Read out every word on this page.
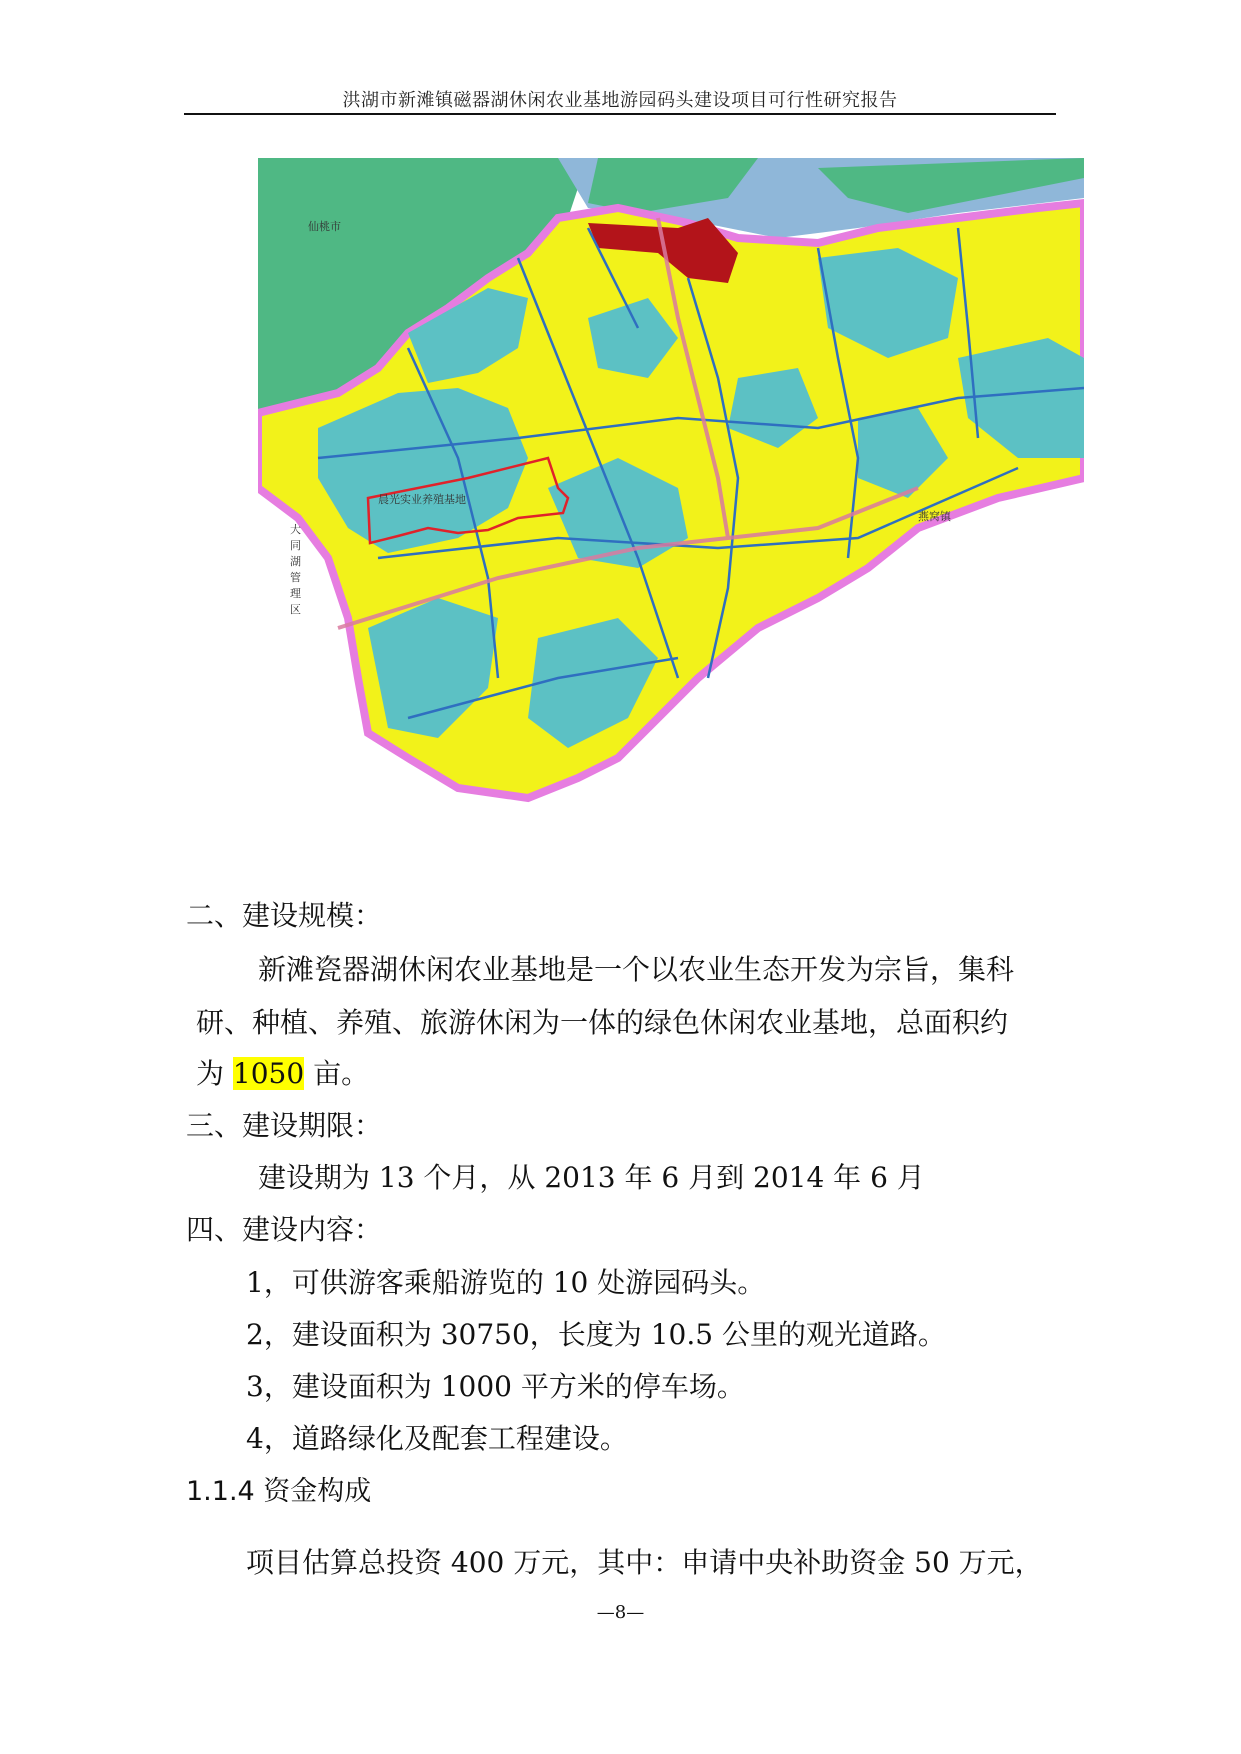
洪湖市新滩镇磁器湖休闲农业基地游园码头建设项目可行性研究报告
仙桃市
晨光实业养殖基地
燕窝镇
大同湖管理区
二、建设规模：
新滩瓷器湖休闲农业基地是一个以农业生态开发为宗旨，集科
研、种植、养殖、旅游休闲为一体的绿色休闲农业基地，总面积约
为 1050 亩。
三、建设期限：
建设期为 13 个月，从 2013 年 6 月到 2014 年 6 月
四、建设内容：
1，可供游客乘船游览的 10 处游园码头。
2，建设面积为 30750，长度为 10.5 公里的观光道路。
3，建设面积为 1000 平方米的停车场。
4，道路绿化及配套工程建设。
1.1.4 资金构成
项目估算总投资 400 万元，其中：申请中央补助资金 50 万元，
—8—
